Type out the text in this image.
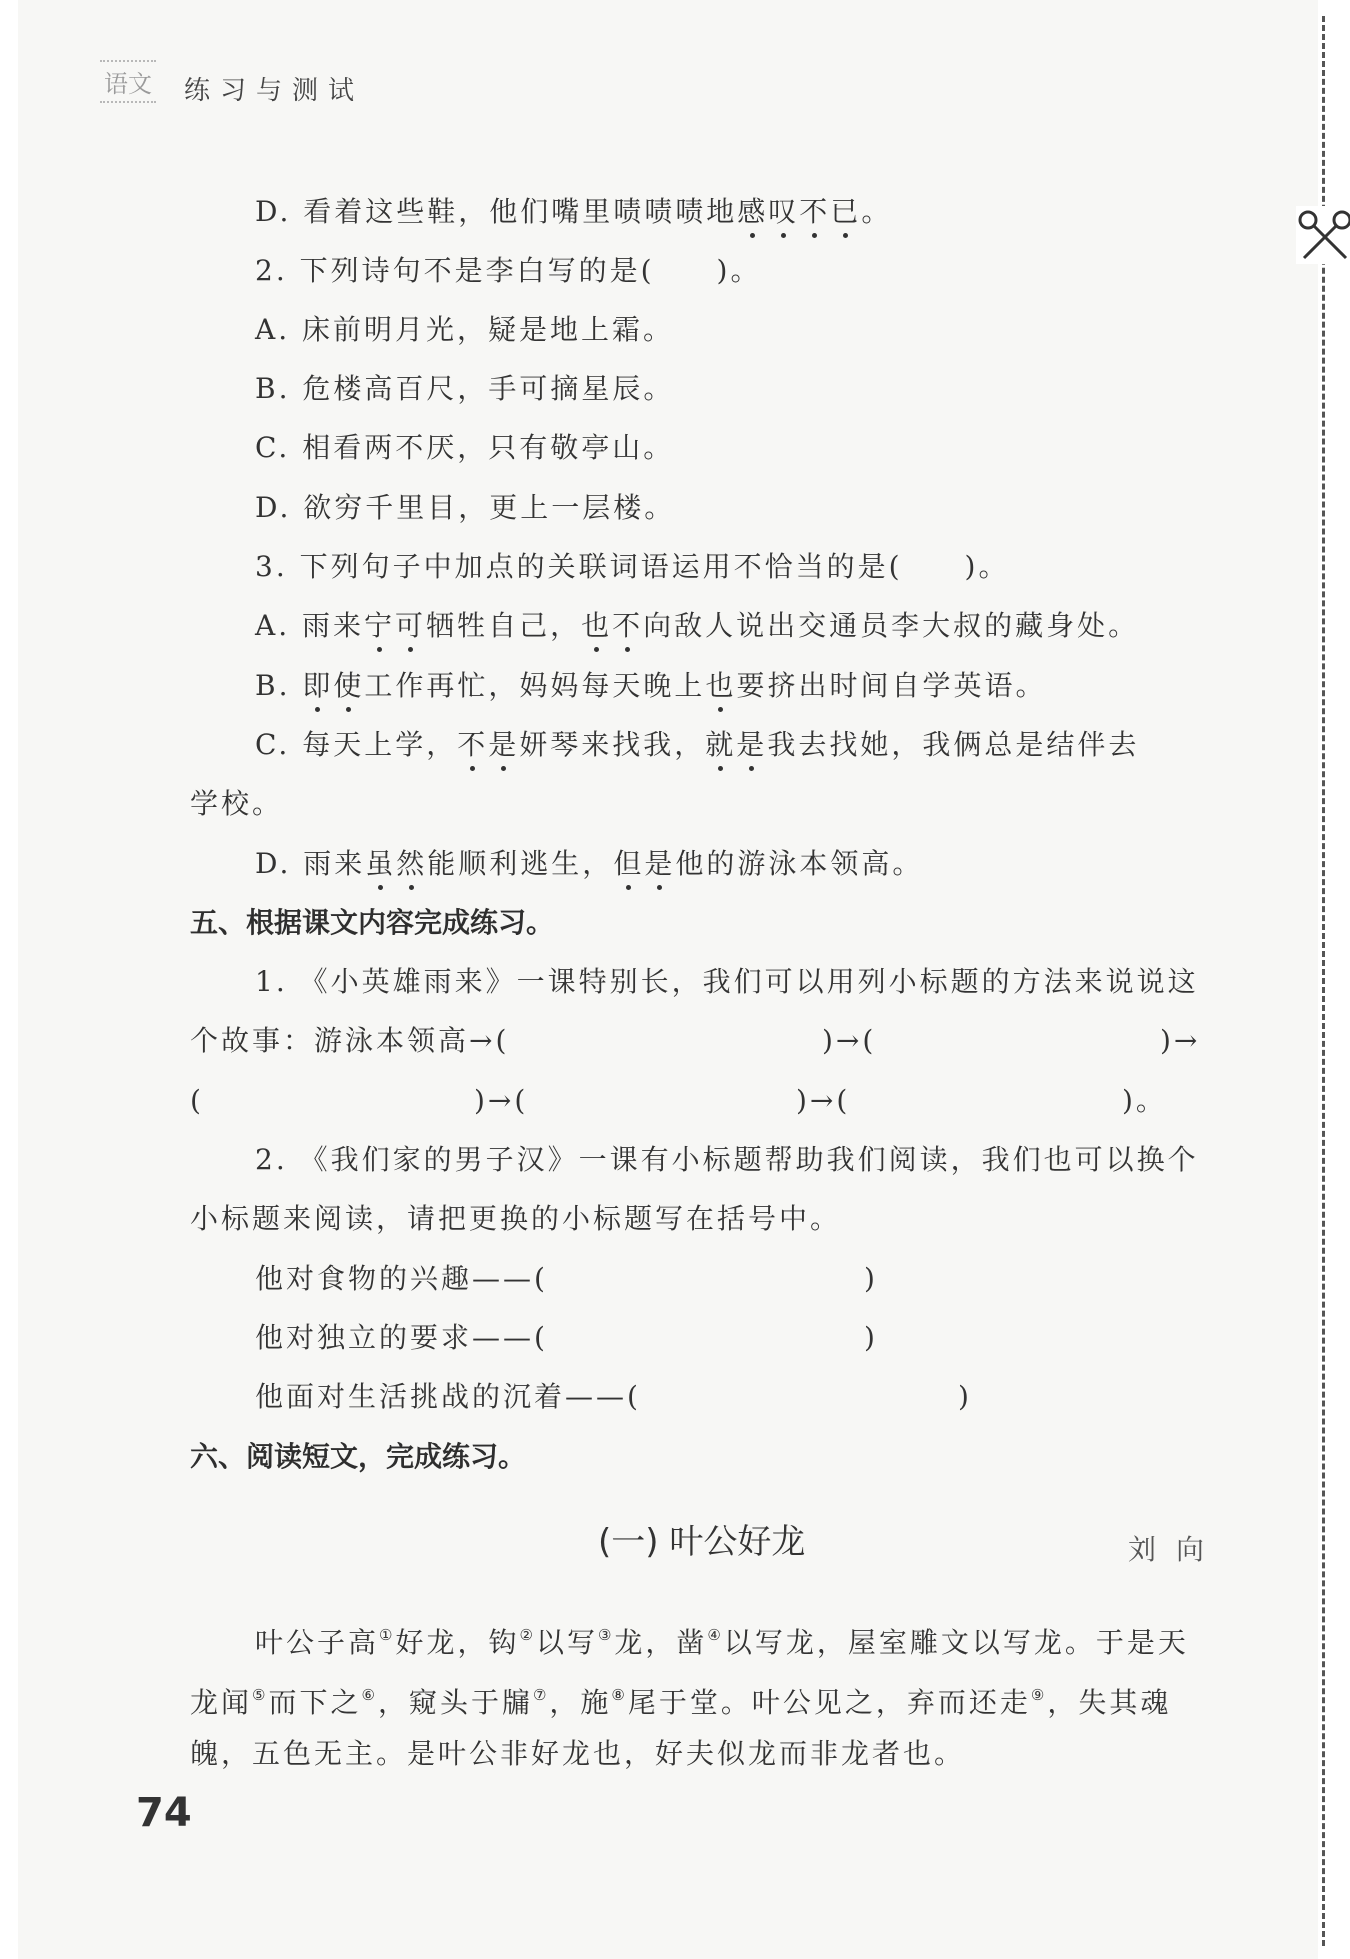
语文 练习与测试
D. 看着这些鞋，他们嘴里啧啧啧地感叹不已。
2. 下列诗句不是李白写的是(　　)。
A. 床前明月光，疑是地上霜。
B. 危楼高百尺，手可摘星辰。
C. 相看两不厌，只有敬亭山。
D. 欲穷千里目，更上一层楼。
3. 下列句子中加点的关联词语运用不恰当的是(　　)。
A. 雨来宁可牺牲自己，也不向敌人说出交通员李大叔的藏身处。
B. 即使工作再忙，妈妈每天晚上也要挤出时间自学英语。
C. 每天上学，不是妍琴来找我，就是我去找她，我俩总是结伴去
学校。
D. 雨来虽然能顺利逃生，但是他的游泳本领高。
五、根据课文内容完成练习。
1. 《小英雄雨来》一课特别长，我们可以用列小标题的方法来说说这
个故事：游泳本领高→(	)→(	)→
(	)→(	)→(	)。
2. 《我们家的男子汉》一课有小标题帮助我们阅读，我们也可以换个
小标题来阅读，请把更换的小标题写在括号中。
他对食物的兴趣——(	)
他对独立的要求——(	)
他面对生活挑战的沉着——(	)
六、阅读短文，完成练习。
(一) 叶公好龙	刘向
叶公子高①好龙，钩②以写③龙，凿④以写龙，屋室雕文以写龙。于是天
龙闻⑤而下之⑥，窥头于牖⑦，施⑧尾于堂。叶公见之，弃而还走⑨，失其魂
魄，五色无主。是叶公非好龙也，好夫似龙而非龙者也。
74
